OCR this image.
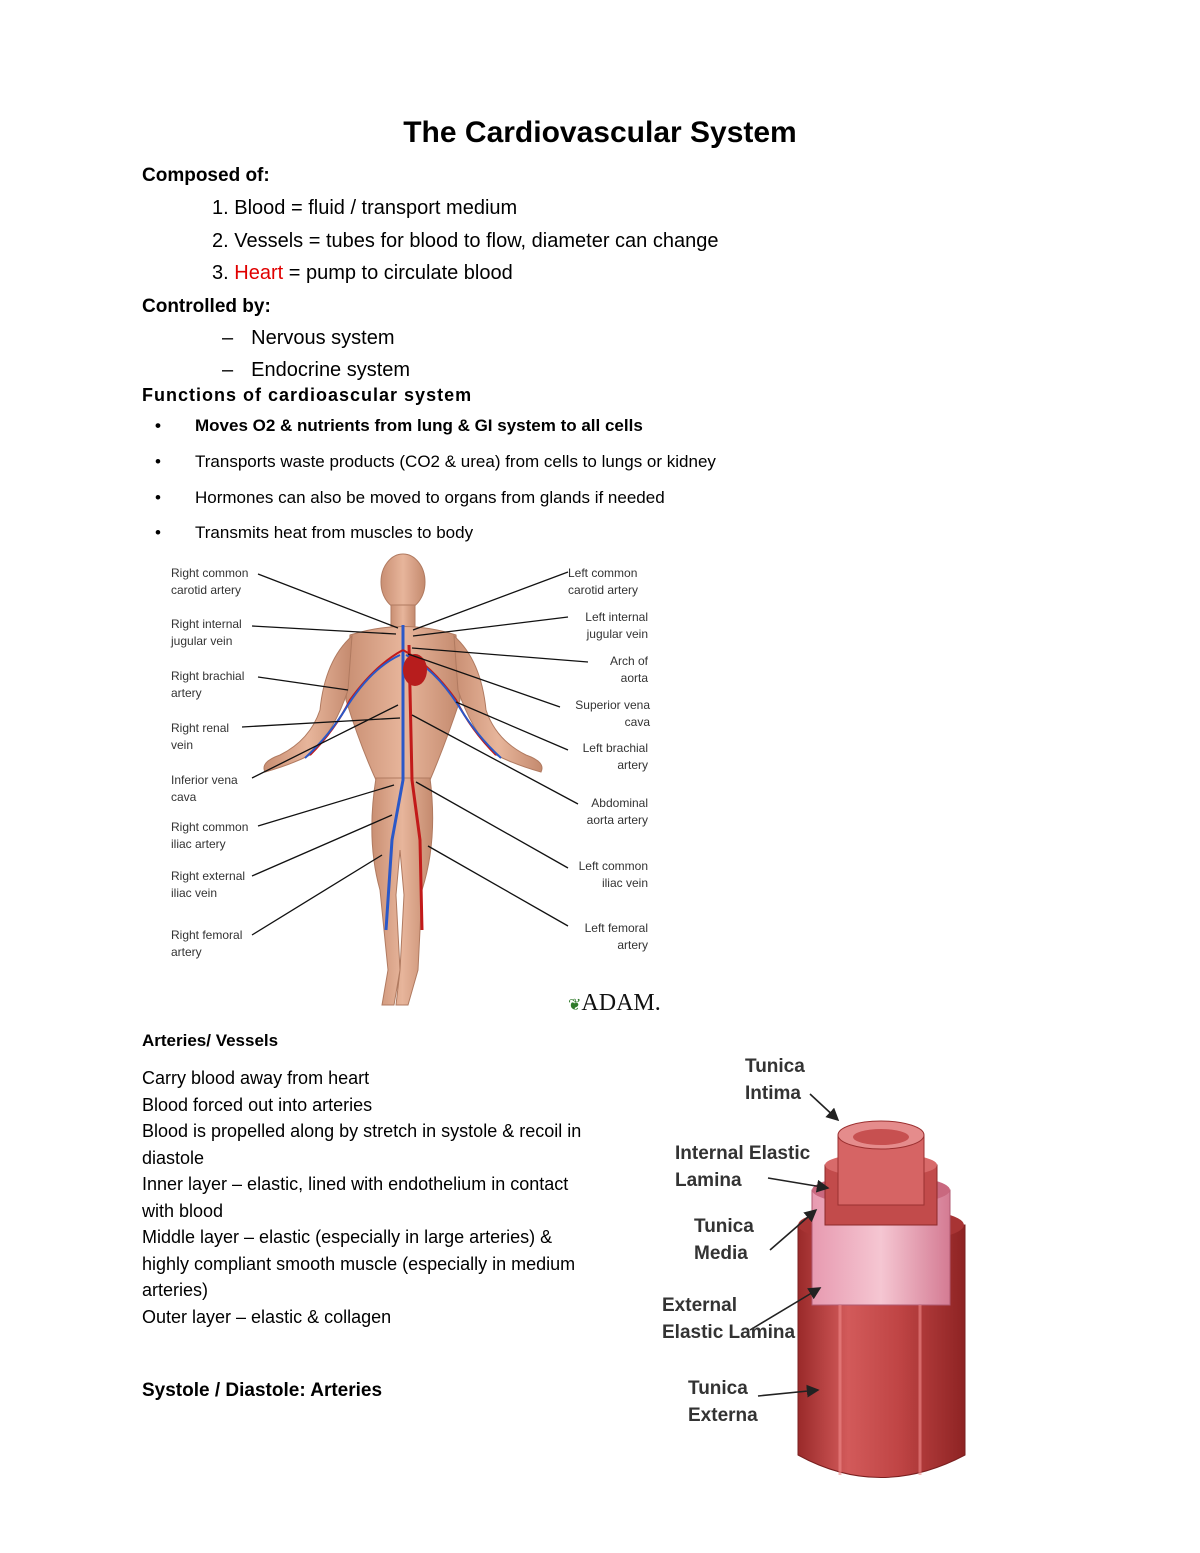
The Cardiovascular System
Composed of:
1. Blood = fluid / transport medium
2. Vessels = tubes for blood to flow, diameter can change
3. Heart = pump to circulate blood
Controlled by:
– Nervous system
– Endocrine system
Functions of cardioascular system
• Moves O2 & nutrients from lung & GI system to all cells
• Transports waste products (CO2 & urea) from cells to lungs or kidney
• Hormones can also be moved to organs from glands if needed
• Transmits heat from muscles to body
Right common
carotid artery
Right internal
jugular vein
Right brachial
artery
Right renal
vein
Inferior vena
cava
Right common
iliac artery
Right external
iliac vein
Right femoral
artery
Left common
carotid artery
Left internal
jugular vein
Arch of
aorta
Superior vena
cava
Left brachial
artery
Abdominal
aorta artery
Left common
iliac vein
Left femoral
artery
❦ADAM.
Arteries/ Vessels
Carry blood away from heart
Blood forced out into arteries
Blood is propelled along by stretch in systole & recoil in
diastole
Inner layer – elastic, lined with endothelium in contact
with blood
Middle layer – elastic (especially in large arteries) &
highly compliant smooth muscle (especially in medium
arteries)
Outer layer – elastic & collagen
Systole / Diastole: Arteries
Tunica
Intima
Internal Elastic
Lamina
Tunica
Media
External
Elastic Lamina
Tunica
Externa
